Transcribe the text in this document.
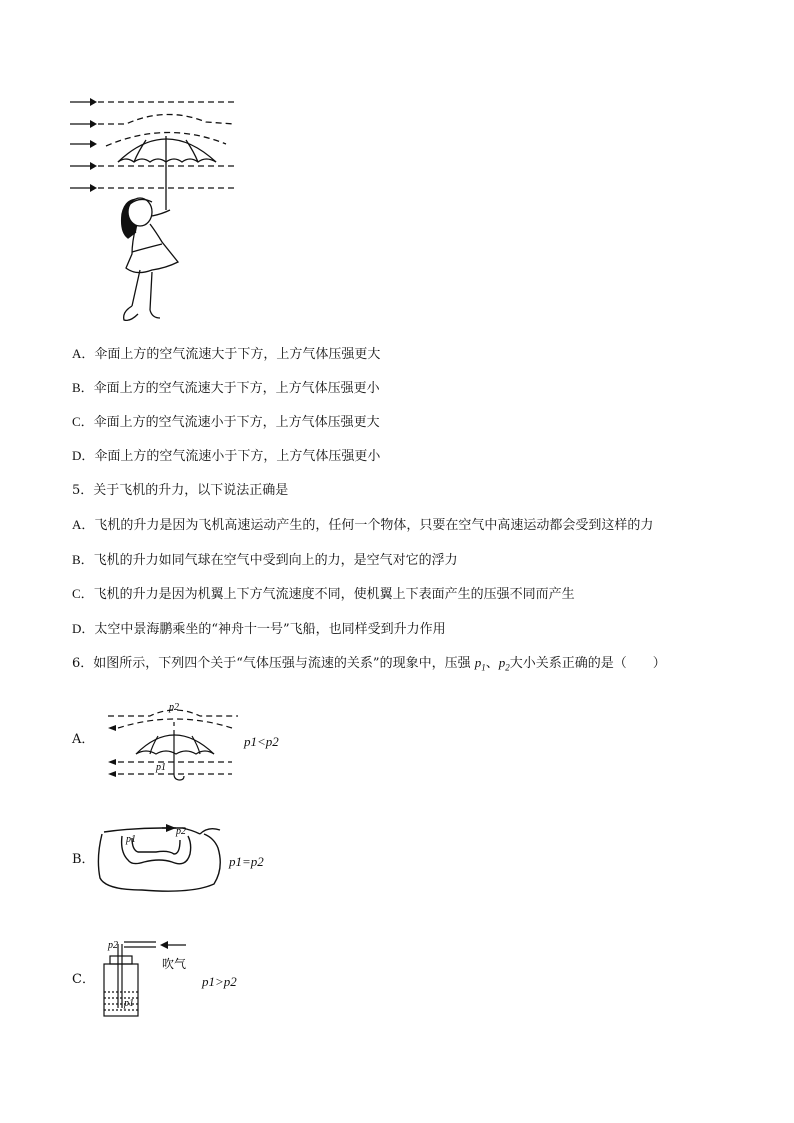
A．伞面上方的空气流速大于下方，上方气体压强更大
B．伞面上方的空气流速大于下方，上方气体压强更小
C．伞面上方的空气流速小于下方，上方气体压强更大
D．伞面上方的空气流速小于下方，上方气体压强更小
5．关于飞机的升力，以下说法正确是
A．飞机的升力是因为飞机高速运动产生的，任何一个物体，只要在空气中高速运动都会受到这样的力
B．飞机的升力如同气球在空气中受到向上的力，是空气对它的浮力
C．飞机的升力是因为机翼上下方气流速度不同，使机翼上下表面产生的压强不同而产生
D．太空中景海鹏乘坐的“神舟十一号”飞船，也同样受到升力作用
6．如图所示，下列四个关于“气体压强与流速的关系”的现象中，压强 $p_1$、$p_2$大小关系正确的是（　　）
A．
p2
p1
p1<p2
B．
p1
p2
p1=p2
C．
p2
p1
吹气
p1>p2
